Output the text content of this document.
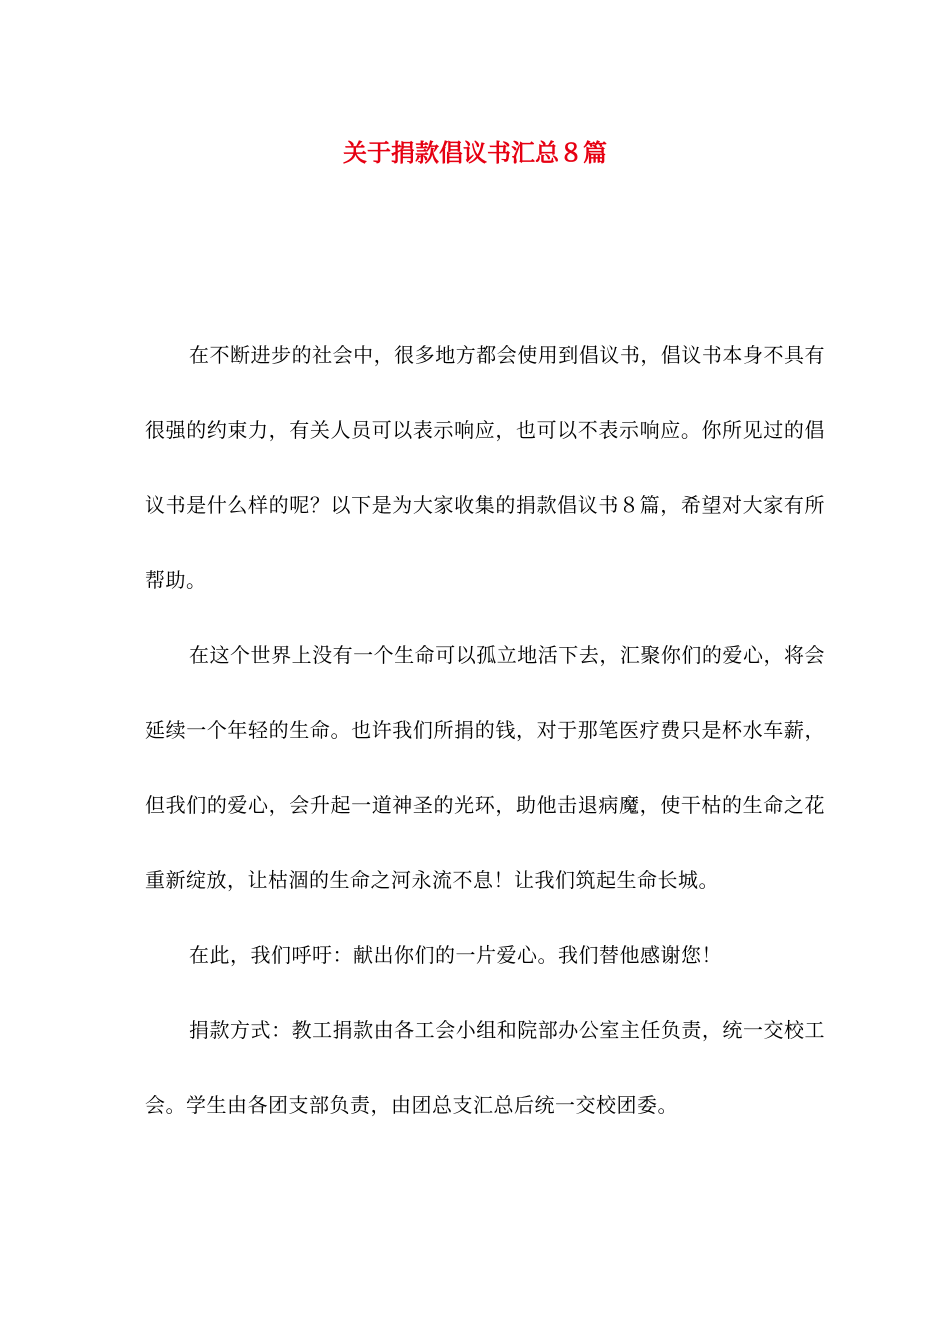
关于捐款倡议书汇总８篇

在不断进步的社会中，很多地方都会使用到倡议书，倡议书本身不具有很强的约束力，有关人员可以表示响应，也可以不表示响应。你所见过的倡议书是什么样的呢？以下是为大家收集的捐款倡议书８篇，希望对大家有所帮助。

在这个世界上没有一个生命可以孤立地活下去，汇聚你们的爱心，将会延续一个年轻的生命。也许我们所捐的钱，对于那笔医疗费只是杯水车薪，但我们的爱心，会升起一道神圣的光环，助他击退病魔，使干枯的生命之花重新绽放，让枯涸的生命之河永流不息！让我们筑起生命长城。

在此，我们呼吁：献出你们的一片爱心。我们替他感谢您！

捐款方式：教工捐款由各工会小组和院部办公室主任负责，统一交校工会。学生由各团支部负责，由团总支汇总后统一交校团委。
